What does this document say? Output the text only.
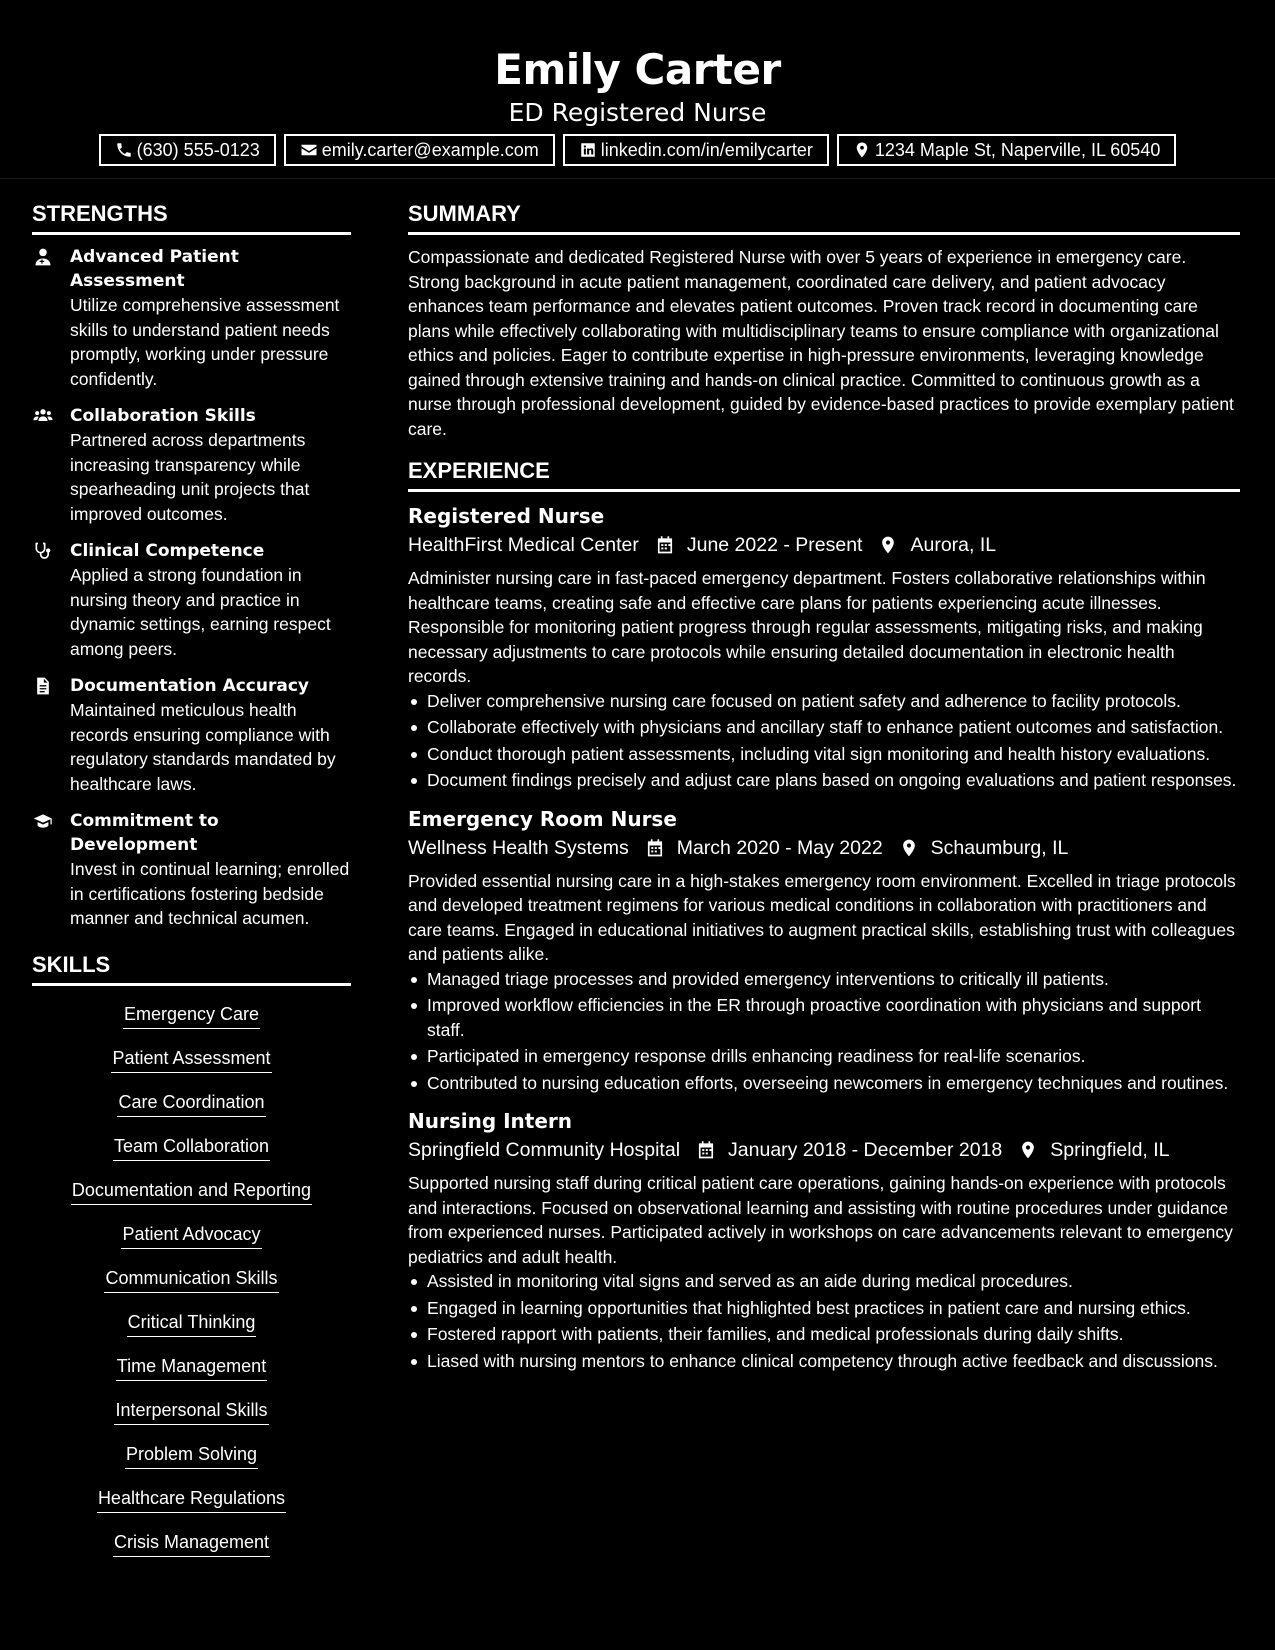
Emily Carter
ED Registered Nurse
(630) 555-0123	emily.carter@example.com	linkedin.com/in/emilycarter	1234 Maple St, Naperville, IL 60540
STRENGTHS
Advanced Patient Assessment
Utilize comprehensive assessment skills to understand patient needs promptly, working under pressure confidently.
Collaboration Skills
Partnered across departments increasing transparency while spearheading unit projects that improved outcomes.
Clinical Competence
Applied a strong foundation in nursing theory and practice in dynamic settings, earning respect among peers.
Documentation Accuracy
Maintained meticulous health records ensuring compliance with regulatory standards mandated by healthcare laws.
Commitment to Development
Invest in continual learning; enrolled in certifications fostering bedside manner and technical acumen.
SKILLS
Emergency Care
Patient Assessment
Care Coordination
Team Collaboration
Documentation and Reporting
Patient Advocacy
Communication Skills
Critical Thinking
Time Management
Interpersonal Skills
Problem Solving
Healthcare Regulations
Crisis Management
SUMMARY
Compassionate and dedicated Registered Nurse with over 5 years of experience in emergency care. Strong background in acute patient management, coordinated care delivery, and patient advocacy enhances team performance and elevates patient outcomes. Proven track record in documenting care plans while effectively collaborating with multidisciplinary teams to ensure compliance with organizational ethics and policies. Eager to contribute expertise in high-pressure environments, leveraging knowledge gained through extensive training and hands-on clinical practice. Committed to continuous growth as a nurse through professional development, guided by evidence-based practices to provide exemplary patient care.
EXPERIENCE
Registered Nurse
HealthFirst Medical Center June 2022 - Present Aurora, IL
Administer nursing care in fast-paced emergency department. Fosters collaborative relationships within healthcare teams, creating safe and effective care plans for patients experiencing acute illnesses. Responsible for monitoring patient progress through regular assessments, mitigating risks, and making necessary adjustments to care protocols while ensuring detailed documentation in electronic health records.
Deliver comprehensive nursing care focused on patient safety and adherence to facility protocols.
Collaborate effectively with physicians and ancillary staff to enhance patient outcomes and satisfaction.
Conduct thorough patient assessments, including vital sign monitoring and health history evaluations.
Document findings precisely and adjust care plans based on ongoing evaluations and patient responses.
Emergency Room Nurse
Wellness Health Systems March 2020 - May 2022 Schaumburg, IL
Provided essential nursing care in a high-stakes emergency room environment. Excelled in triage protocols and developed treatment regimens for various medical conditions in collaboration with practitioners and care teams. Engaged in educational initiatives to augment practical skills, establishing trust with colleagues and patients alike.
Managed triage processes and provided emergency interventions to critically ill patients.
Improved workflow efficiencies in the ER through proactive coordination with physicians and support staff.
Participated in emergency response drills enhancing readiness for real-life scenarios.
Contributed to nursing education efforts, overseeing newcomers in emergency techniques and routines.
Nursing Intern
Springfield Community Hospital January 2018 - December 2018 Springfield, IL
Supported nursing staff during critical patient care operations, gaining hands-on experience with protocols and interactions. Focused on observational learning and assisting with routine procedures under guidance from experienced nurses. Participated actively in workshops on care advancements relevant to emergency pediatrics and adult health.
Assisted in monitoring vital signs and served as an aide during medical procedures.
Engaged in learning opportunities that highlighted best practices in patient care and nursing ethics.
Fostered rapport with patients, their families, and medical professionals during daily shifts.
Liased with nursing mentors to enhance clinical competency through active feedback and discussions.
